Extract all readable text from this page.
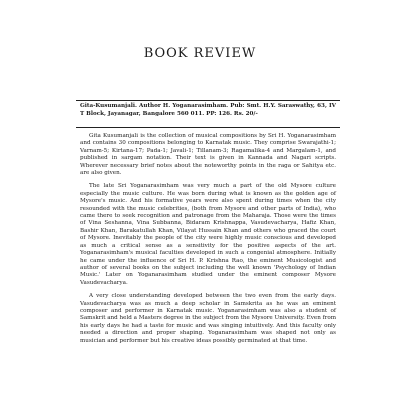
BOOK REVIEW

Gita-Kusumanjali. Author H. Yoganarasimham. Pub: Smt. H.Y. Saraswathy, 63, IV T Block, Jayanagar, Bangalore 560 011. PP: 126. Rs. 20/-

Gita Kusumanjali is the collection of musical compositions by Sri H. Yoganarasimham and contains 30 compositions belonging to Karnatak music. They comprise Swarajathi-1; Varnam-5; Kirtana-17; Pada-1; Javali-1; Tillanam-3; Ragamalika-4 and Margalam-1, and published in sargam notation. Their text is given in Kannada and Nagari scripts. Wherever necessary brief notes about the noteworthy points in the raga or Sahitya etc. are also given.

The late Sri Yoganarasimham was very much a part of the old Mysore culture especially the music culture. He was born during what is known as the golden age of Mysore's music. And his formative years were also spent during times when the city resounded with the music celebrities, (both from Mysore and other parts of India), who came there to seek recognition and patronage from the Maharaja. Those were the times of Vina Seshanna, Vina Subbanna, Bidaram Krishnappa, Vasudevacharya, Hafiz Khan, Bashir Khan, Barakatullah Khan, Vilayat Hussain Khan and others who graced the court of Mysore. Inevitably the people of the city were highly music conscious and developed as much a critical sense as a sensitivity for the positive aspects of the art. Yoganarasimham's musical faculties developed in such a congenial atmosphere. Initially he came under the influence of Sri H. P. Krishna Rao, the eminent Musicologist and author of several books on the subject including the well known 'Psychology of Indian Music.' Later on Yoganarasimham studied under the eminent composer Mysore Vasudevacharya.

A very close understanding developed between the two even from the early days. Vasudevacharya was as much a deep scholar in Samskrita as he was an eminent composer and performer in Karnatak music. Yoganarasimham was also a student of Samskrit and held a Masters degree in the subject from the Mysore University. Even from his early days he had a taste for music and was singing intuitively. And this faculty only needed a direction and proper shaping. Yoganarasimham was shaped not only as musician and performer but his creative ideas possibly germinated at that time.
